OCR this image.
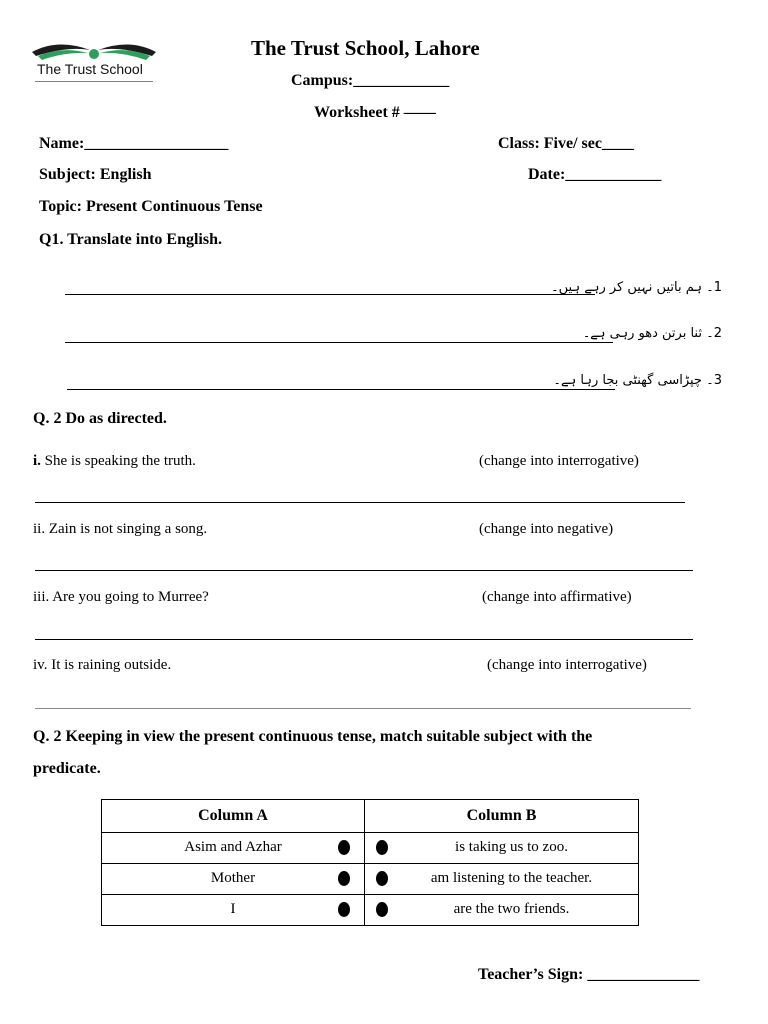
The Trust School
The Trust School, Lahore
Campus:____________
Worksheet # ——
Name:__________________	Class: Five/ sec____
Subject: English	Date:____________
Topic: Present Continuous Tense
Q1. Translate into English.
1۔ ہم باتیں نہیں کر رہے ہیں۔
2۔ ثنا برتن دھو رہی ہے۔
3۔ چپڑاسی گھنٹی بجا رہا ہے۔
Q. 2 Do as directed.
i. She is speaking the truth.	(change into interrogative)
ii. Zain is not singing a song.	(change into negative)
iii. Are you going to Murree?	(change into affirmative)
iv. It is raining outside.	(change into interrogative)
Q. 2 Keeping in view the present continuous tense, match suitable subject with the
predicate.
Column A	Column B

Asim and Azhar	is taking us to zoo.

Mother	am listening to the teacher.

I	are the two friends.
Teacher’s Sign: ______________
